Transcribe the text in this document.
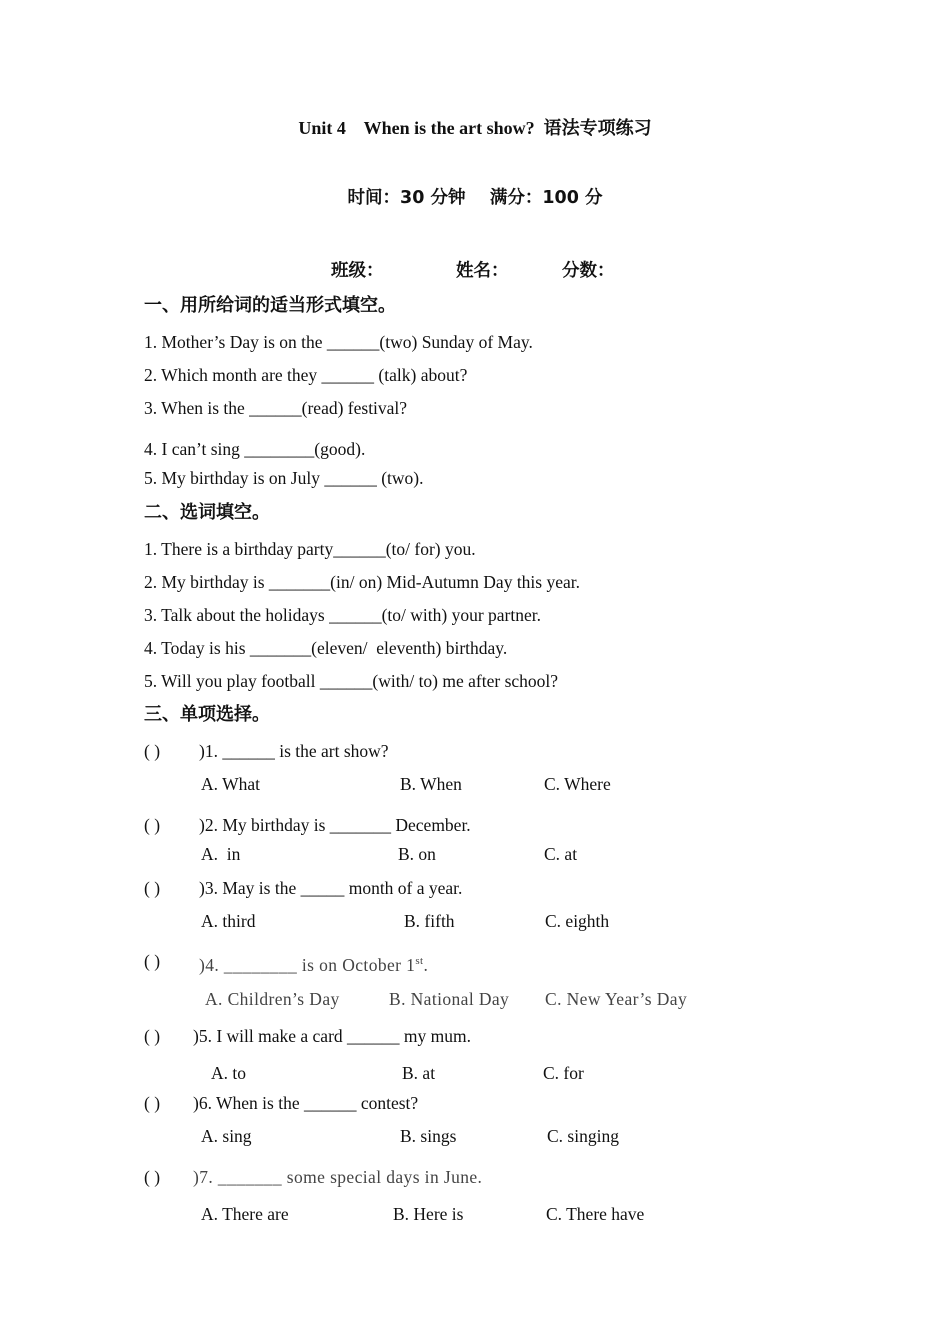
Unit 4    When is the art show?  语法专项练习
时间：30 分钟    满分：100 分
班级：	姓名：	分数：
一、用所给词的适当形式填空。
1. Mother’s Day is on the ______(two) Sunday of May.
2. Which month are they ______ (talk) about?
3. When is the ______(read) festival?
4. I can’t sing ________(good).
5. My birthday is on July ______ (two).
二、选词填空。
1. There is a birthday party______(to/ for) you.
2. My birthday is _______(in/ on) Mid-Autumn Day this year.
3. Talk about the holidays ______(to/ with) your partner.
4. Today is his _______(eleven/  eleventh) birthday.
5. Will you play football ______(with/ to) me after school?
三、单项选择。
( ) )1. ______ is the art show?
A. What	B. When	C. Where
( ) )2. My birthday is _______ December.
A.  in	B. on	C. at
( ) )3. May is the _____ month of a year.
A. third	B. fifth	C. eighth
( ) )4. ________ is on October 1st.
A. Children’s Day	B. National Day C. New Year’s Day
( ) )5. I will make a card ______ my mum.
A. to	B. at	C. for
( ) )6. When is the ______ contest?
A. sing	B. sings	C. singing
( ) )7. _______ some special days in June.
A. There are	B. Here is	C. There have
